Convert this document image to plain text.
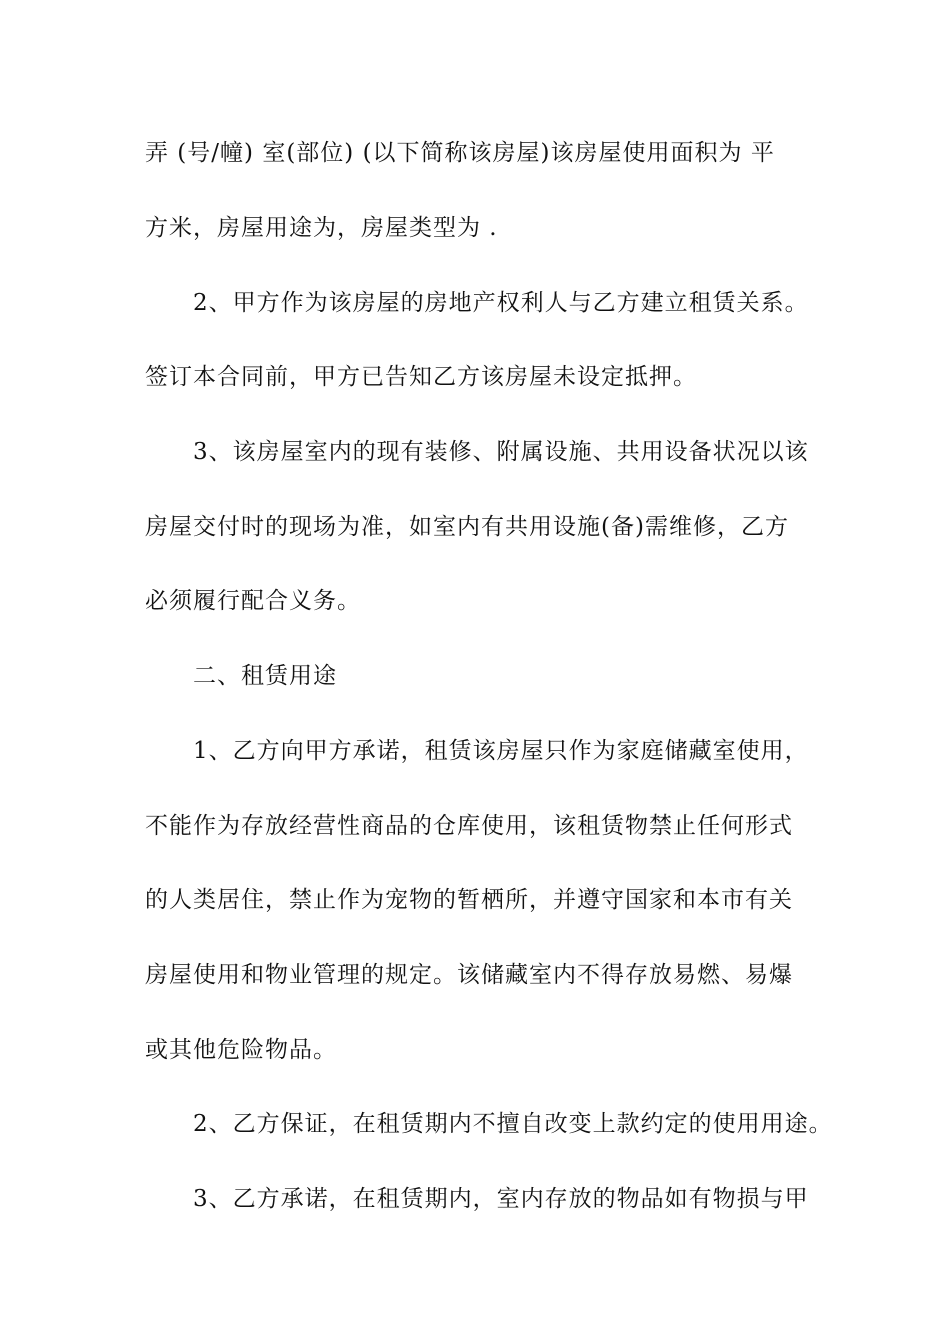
弄 (号/幢) 室(部位) (以下简称该房屋)该房屋使用面积为 平
方米，房屋用途为，房屋类型为 .
2、甲方作为该房屋的房地产权利人与乙方建立租赁关系。
签订本合同前，甲方已告知乙方该房屋未设定抵押。
3、该房屋室内的现有装修、附属设施、共用设备状况以该
房屋交付时的现场为准，如室内有共用设施(备)需维修，乙方
必须履行配合义务。
二、租赁用途
1、乙方向甲方承诺，租赁该房屋只作为家庭储藏室使用，
不能作为存放经营性商品的仓库使用，该租赁物禁止任何形式
的人类居住，禁止作为宠物的暂栖所，并遵守国家和本市有关
房屋使用和物业管理的规定。该储藏室内不得存放易燃、易爆
或其他危险物品。
2、乙方保证，在租赁期内不擅自改变上款约定的使用用途。
3、乙方承诺，在租赁期内，室内存放的物品如有物损与甲
